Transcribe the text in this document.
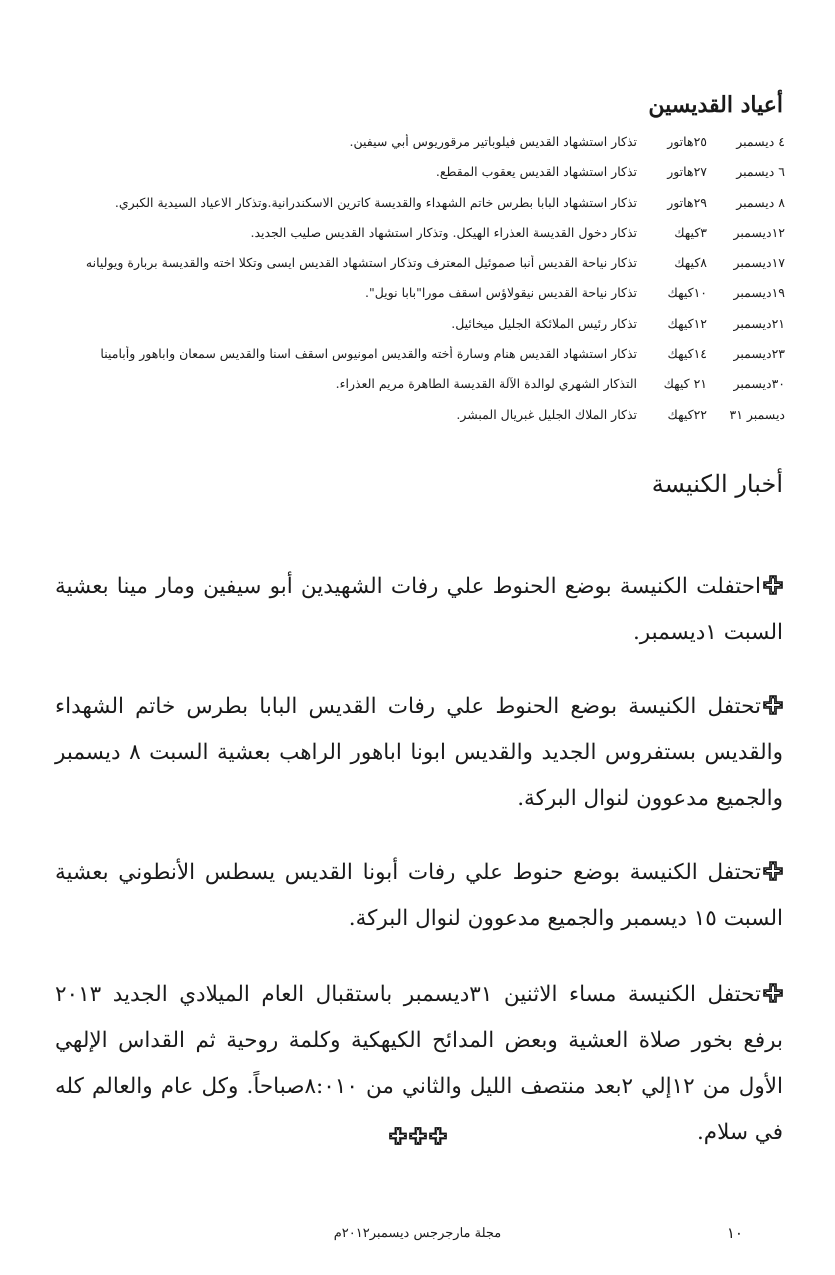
أعياد القديسين
٤ ديسمبر
٢٥هاتور
تذكار استشهاد القديس فيلوباتير مرقوريوس أبي سيفين.
٦ ديسمبر
٢٧هاتور
تذكار استشهاد القديس يعقوب المقطع.
٨ ديسمبر
٢٩هاتور
تذكار استشهاد البابا بطرس خاتم الشهداء والقديسة كاترين الاسكندرانية.وتذكار الاعياد السيدية الكبري.
١٢ديسمبر
٣كيهك
تذكار دخول القديسة العذراء الهيكل. وتذكار استشهاد القديس صليب الجديد.
١٧ديسمبر
٨كيهك
تذكار نياحة القديس أنبا صموئيل المعترف وتذكار استشهاد القديس ايسى وتكلا اخته والقديسة بربارة ويوليانه
١٩ديسمبر
١٠كيهك
تذكار نياحة القديس نيقولاؤس اسقف مورا"بابا نويل".
٢١ديسمبر
١٢كيهك
تذكار رئيس الملائكة الجليل ميخائيل.
٢٣ديسمبر
١٤كيهك
تذكار استشهاد القديس هنام وسارة أخته والقديس امونيوس اسقف اسنا والقديس سمعان واباهور وأبامينا
٣٠ديسمبر
٢١ كيهك
التذكار الشهري لوالدة الآلة القديسة الطاهرة مريم العذراء.
ديسمبر ٣١
٢٢كيهك
تذكار الملاك الجليل غبريال المبشر.
أخبار الكنيسة

احتفلت الكنيسة بوضع الحنوط علي رفات الشهيدين أبو سيفين ومار مينا بعشية السبت ١ديسمبر.

تحتفل الكنيسة بوضع الحنوط علي رفات القديس البابا بطرس خاتم الشهداء والقديس بستفروس الجديد والقديس ابونا اباهور الراهب بعشية السبت ٨ ديسمبر والجميع مدعوون لنوال البركة.

تحتفل الكنيسة بوضع حنوط علي رفات أبونا القديس يسطس الأنطوني بعشية السبت ١٥ ديسمبر والجميع مدعوون لنوال البركة.

تحتفل الكنيسة مساء الاثنين ٣١ديسمبر باستقبال العام الميلادي الجديد ٢٠١٣ برفع بخور صلاة العشية وبعض المدائح الكيهكية وكلمة روحية ثم القداس الإلهي الأول من ١٢إلي ٢بعد منتصف الليل والثاني من ٨:٠١٠صباحاً. وكل عام والعالم كله في سلام.

مجلة مارجرجس ديسمبر٢٠١٢م	١٠
